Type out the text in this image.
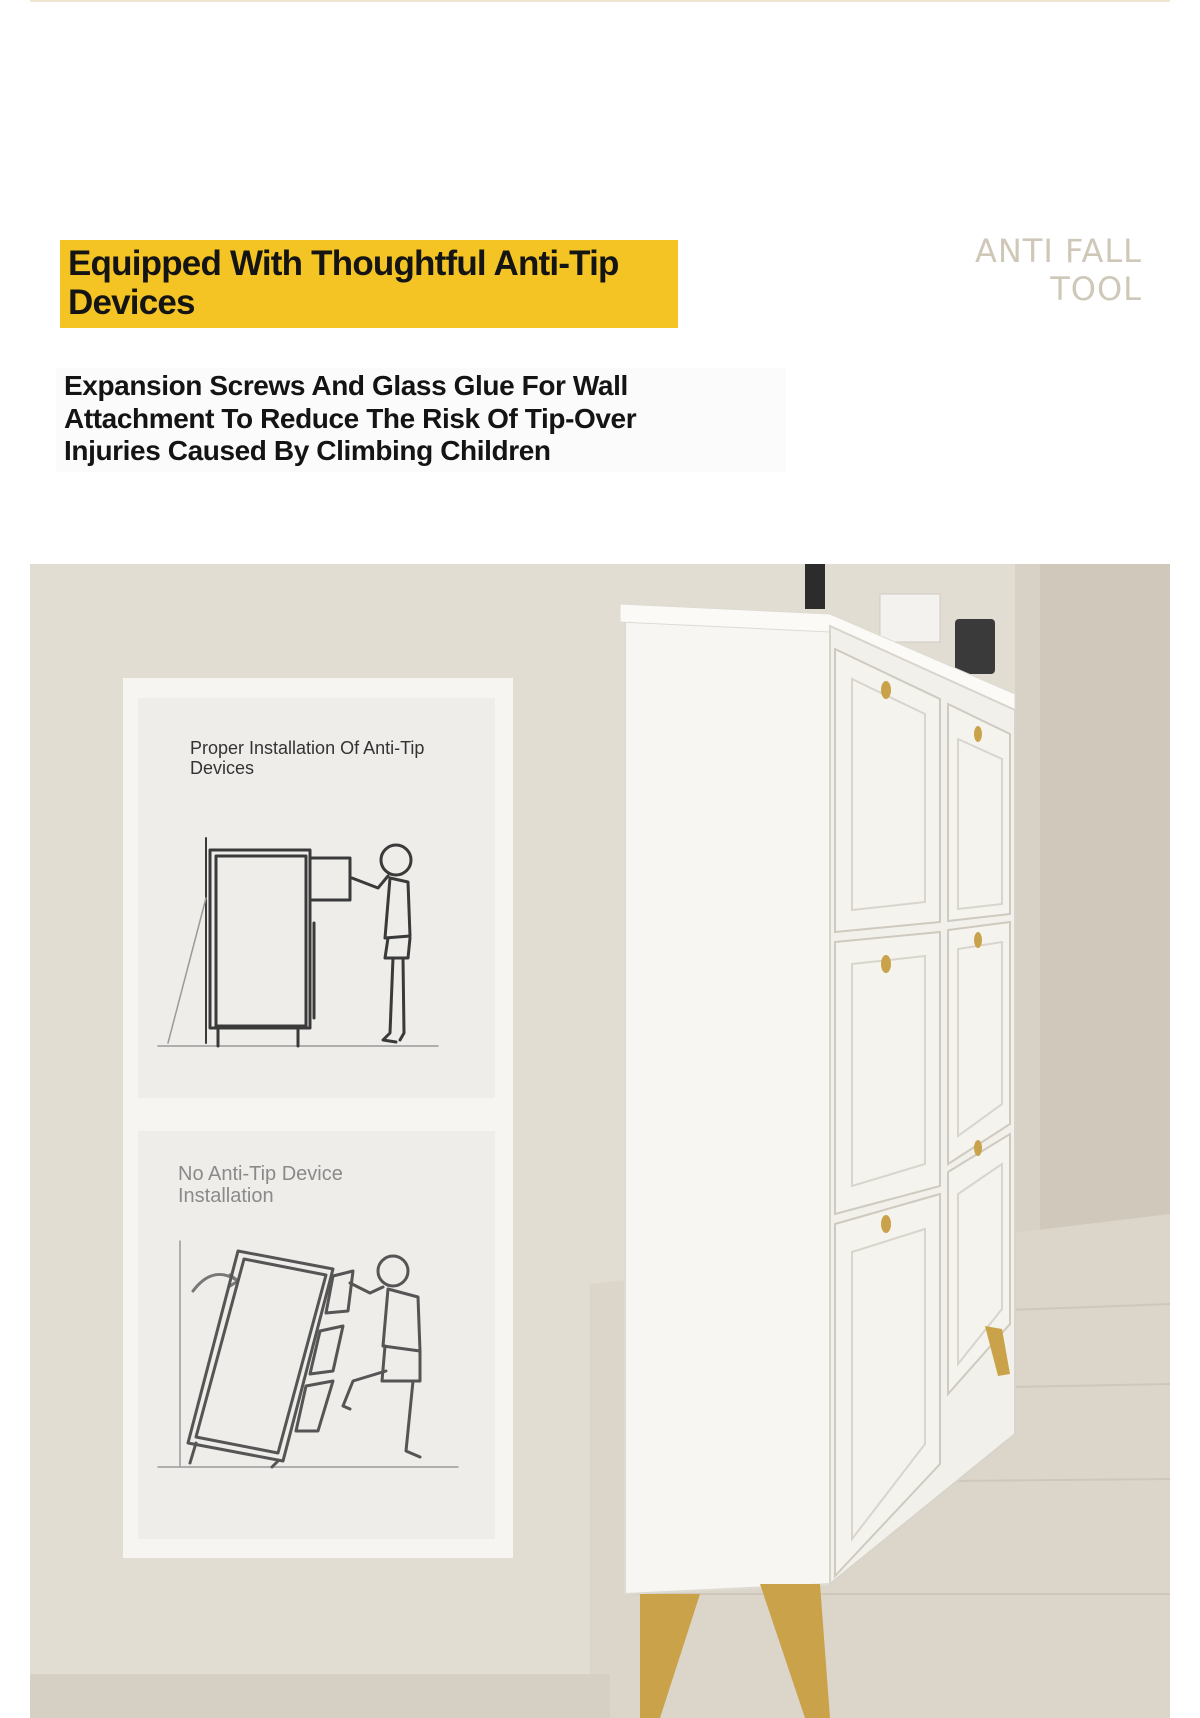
Equipped With Thoughtful Anti-Tip
Devices
ANTI FALL
TOOL
Expansion Screws And Glass Glue For Wall
Attachment To Reduce The Risk Of Tip-Over
Injuries Caused By Climbing Children
Proper Installation Of Anti-Tip
Devices
No Anti-Tip Device
Installation
